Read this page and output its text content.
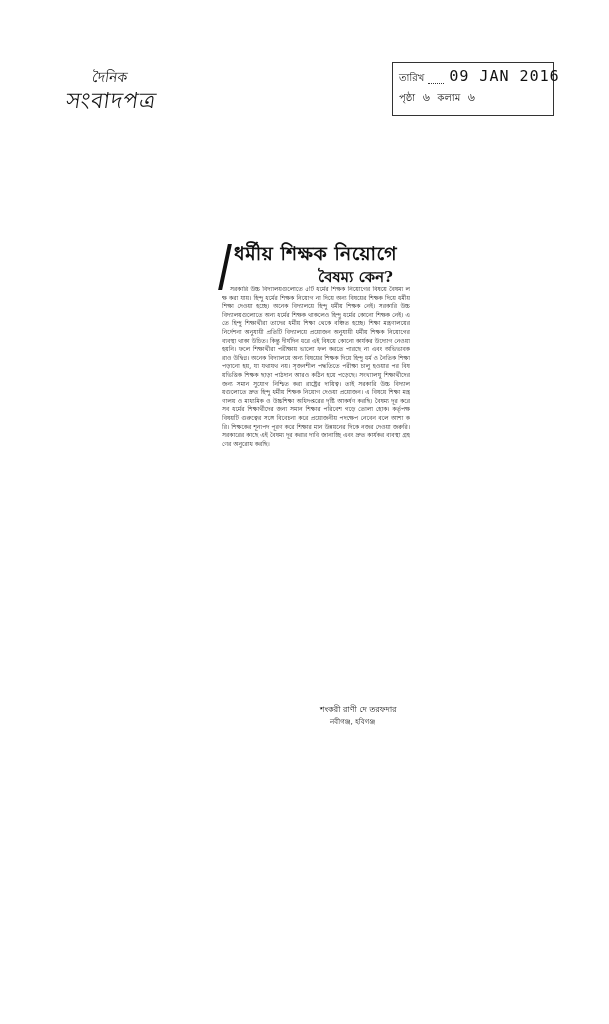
দৈনিক
সংবাদপত্র
তারিখ 09 JAN 2016
পৃষ্ঠা ৬ কলাম ৬
ধর্মীয় শিক্ষক নিয়োগে
বৈষম্য কেন?

সরকারি উচ্চ বিদ্যালয়গুলোতে ৫টি ধর্মের শিক্ষক নিয়োগের বিষয়ে বৈষম্য লক্ষ করা যায়। হিন্দু ধর্মের শিক্ষক নিয়োগ না দিয়ে অন্য বিষয়ের শিক্ষক দিয়ে ধর্মীয় শিক্ষা দেওয়া হচ্ছে। অনেক বিদ্যালয়ে হিন্দু ধর্মীয় শিক্ষক নেই। সরকারি উচ্চ বিদ্যালয়গুলোতে অন্য ধর্মের শিক্ষক থাকলেও হিন্দু ধর্মের কোনো শিক্ষক নেই। এতে হিন্দু শিক্ষার্থীরা তাদের ধর্মীয় শিক্ষা থেকে বঞ্চিত হচ্ছে। শিক্ষা মন্ত্রণালয়ের নির্দেশনা অনুযায়ী প্রতিটি বিদ্যালয়ে প্রয়োজন অনুযায়ী ধর্মীয় শিক্ষক নিয়োগের ব্যবস্থা থাকা উচিত। কিন্তু দীর্ঘদিন ধরে এই বিষয়ে কোনো কার্যকর উদ্যোগ নেওয়া হয়নি। ফলে শিক্ষার্থীরা পরীক্ষায় ভালো ফল করতে পারছে না এবং অভিভাবকরাও উদ্বিগ্ন। অনেক বিদ্যালয়ে অন্য বিষয়ের শিক্ষক দিয়ে হিন্দু ধর্ম ও নৈতিক শিক্ষা পড়ানো হয়, যা যথাযথ নয়। সৃজনশীল পদ্ধতিতে পরীক্ষা চালু হওয়ার পর বিষয়ভিত্তিক শিক্ষক ছাড়া পাঠদান আরও কঠিন হয়ে পড়েছে। সংখ্যালঘু শিক্ষার্থীদের জন্য সমান সুযোগ নিশ্চিত করা রাষ্ট্রের দায়িত্ব। তাই সরকারি উচ্চ বিদ্যালয়গুলোতে দ্রুত হিন্দু ধর্মীয় শিক্ষক নিয়োগ দেওয়া প্রয়োজন। এ বিষয়ে শিক্ষা মন্ত্রণালয় ও মাধ্যমিক ও উচ্চশিক্ষা অধিদপ্তরের দৃষ্টি আকর্ষণ করছি। বৈষম্য দূর করে সব ধর্মের শিক্ষার্থীদের জন্য সমান শিক্ষার পরিবেশ গড়ে তোলা হোক। কর্তৃপক্ষ বিষয়টি গুরুত্বের সঙ্গে বিবেচনা করে প্রয়োজনীয় পদক্ষেপ নেবেন বলে আশা করি। শিক্ষকের শূন্যপদ পূরণ করে শিক্ষার মান উন্নয়নের দিকে নজর দেওয়া জরুরি। সরকারের কাছে এই বৈষম্য দূর করার দাবি জানাচ্ছি এবং দ্রুত কার্যকর ব্যবস্থা গ্রহণের অনুরোধ করছি।

শংকরী রাণী দে তরফদার
নবীগঞ্জ, হবিগঞ্জ
